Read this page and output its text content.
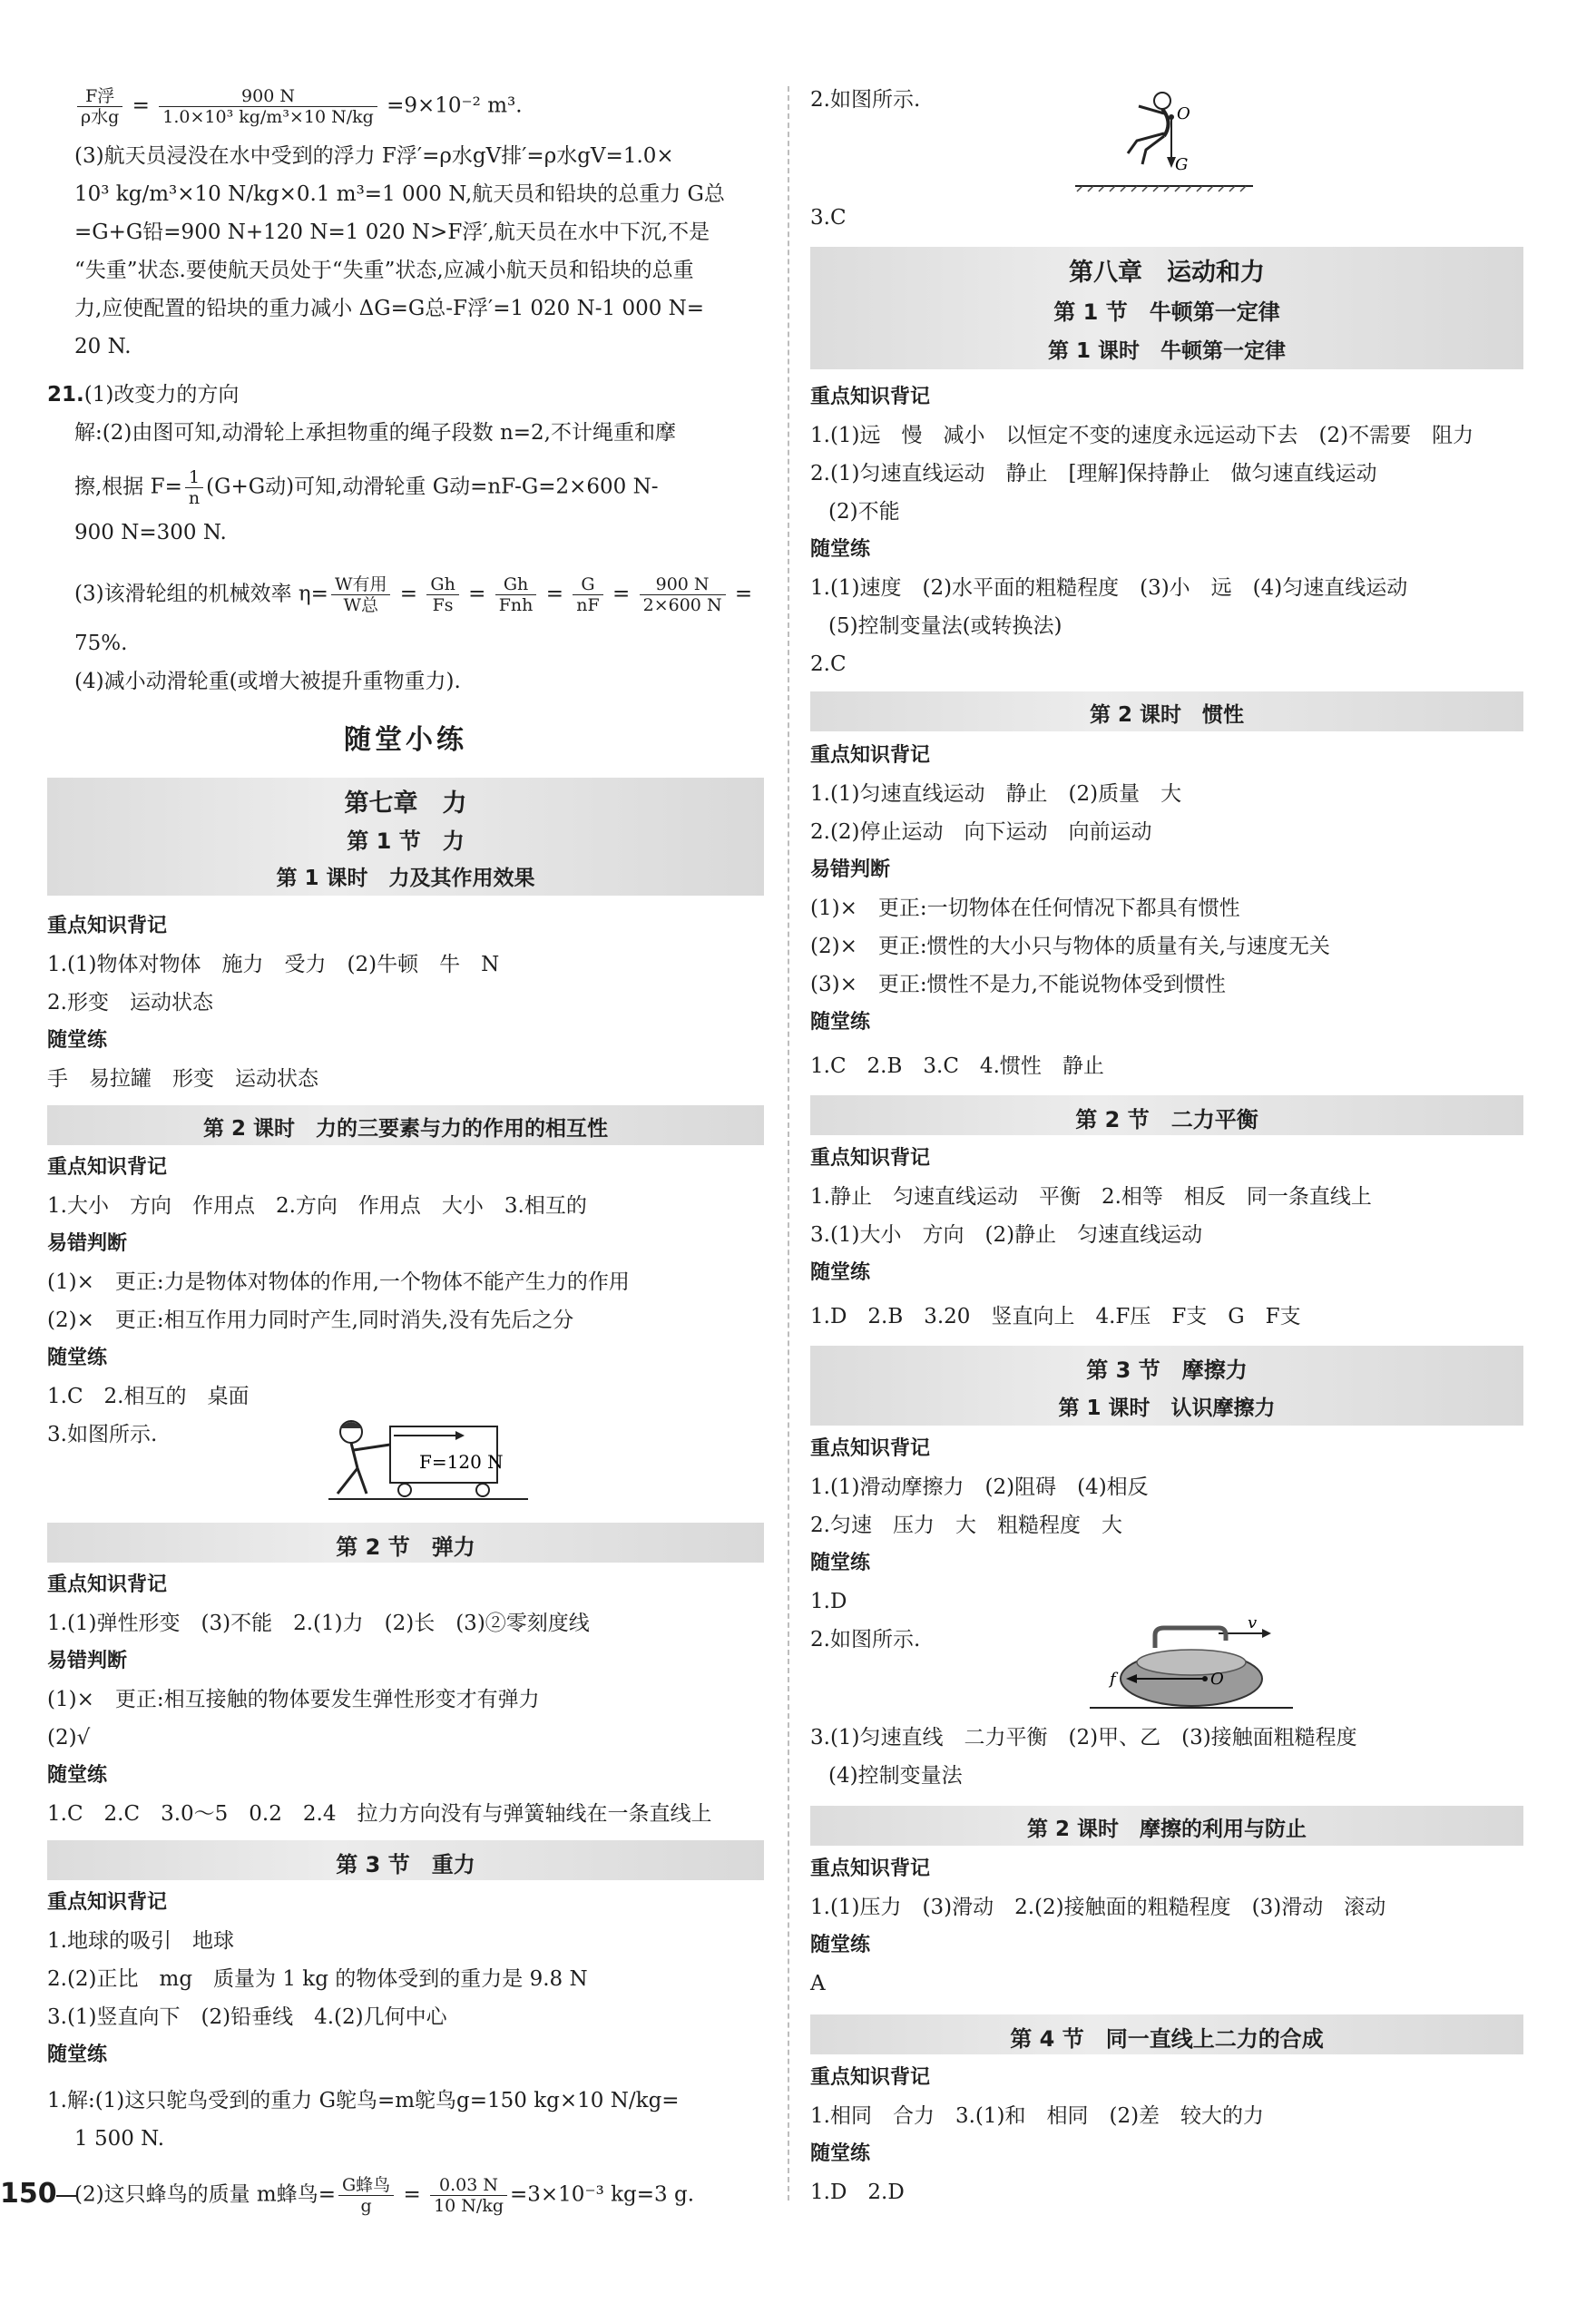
$\frac{\text{F浮}}{\text{ρ水g}} = \frac{900 N}{\text{1.0×10³ kg/m³×10 N/kg}} =9\times 10^{-2}$ m³.
(3)航天员浸没在水中受到的浮力 F浮′=ρ水gV排′=ρ水gV=1.0×
10³ kg/m³×10 N/kg×0.1 m³=1 000 N,航天员和铅块的总重力 G总
=G+G铅=900 N+120 N=1 020 N>F浮′,航天员在水中下沉,不是
“失重”状态.要使航天员处于“失重”状态,应减小航天员和铅块的总重
力,应使配置的铅块的重力减小 ΔG=G总-F浮′=1 020 N-1 000 N=
20 N.
21.(1)改变力的方向
解:(2)由图可知,动滑轮上承担物重的绳子段数 n=2,不计绳重和摩
擦,根据 $F= \frac{1}{n} (G+G$动)可知,动滑轮重 G动=nF-G=2×600 N-
900 N=300 N.
(3)该滑轮组的机械效率 $\eta= \frac{\text{W有用}}{\text{W总}} = \frac{Gh}{Fs} = \frac{Gh}{\text{Fnh}} = \frac{G}{nF} = \frac{900 N}{2\times 600 N}$ =
75%.
(4)减小动滑轮重(或增大被提升重物重力).
随堂小练
第七章　力
第 1 节　力
第 1 课时　力及其作用效果
重点知识背记
1.(1)物体对物体　施力　受力　(2)牛顿　牛　N
2.形变　运动状态
随堂练
手　易拉罐　形变　运动状态
第 2 课时　力的三要素与力的作用的相互性
重点知识背记
1.大小　方向　作用点　2.方向　作用点　大小　3.相互的
易错判断
(1)×　更正:力是物体对物体的作用,一个物体不能产生力的作用
(2)×　更正:相互作用力同时产生,同时消失,没有先后之分
随堂练
1.C　2.相互的　桌面
3.如图所示.
F=120 N
第 2 节　弹力
重点知识背记
1.(1)弹性形变　(3)不能　2.(1)力　(2)长　(3)②零刻度线
易错判断
(1)×　更正:相互接触的物体要发生弹性形变才有弹力
(2)√
随堂练
1.C　2.C　3.0～5　0.2　2.4　拉力方向没有与弹簧轴线在一条直线上
第 3 节　重力
重点知识背记
1.地球的吸引　地球
2.(2)正比　mg　质量为 1 kg 的物体受到的重力是 9.8 N
3.(1)竖直向下　(2)铅垂线　4.(2)几何中心
随堂练
1.解:(1)这只鸵鸟受到的重力 G鸵鸟=m鸵鸟g=150 kg×10 N/kg=
1 500 N.
(2)这只蜂鸟的质量 m蜂鸟= $\frac{\text{G蜂鸟}}{g} = \frac{0.03 N}{10 N/kg} =3\times 10^{-3}$ kg=3 g.
2.如图所示.
O
G
3.C
第八章　运动和力
第 1 节　牛顿第一定律
第 1 课时　牛顿第一定律
重点知识背记
1.(1)远　慢　减小　以恒定不变的速度永远运动下去　(2)不需要　阻力
2.(1)匀速直线运动　静止　[理解]保持静止　做匀速直线运动
(2)不能
随堂练
1.(1)速度　(2)水平面的粗糙程度　(3)小　远　(4)匀速直线运动
(5)控制变量法(或转换法)
2.C
第 2 课时　惯性
重点知识背记
1.(1)匀速直线运动　静止　(2)质量　大
2.(2)停止运动　向下运动　向前运动
易错判断
(1)×　更正:一切物体在任何情况下都具有惯性
(2)×　更正:惯性的大小只与物体的质量有关,与速度无关
(3)×　更正:惯性不是力,不能说物体受到惯性
随堂练
1.C　2.B　3.C　4.惯性　静止
第 2 节　二力平衡
重点知识背记
1.静止　匀速直线运动　平衡　2.相等　相反　同一条直线上
3.(1)大小　方向　(2)静止　匀速直线运动
随堂练
1.D　2.B　3.20　竖直向上　4.F压　F支　G　F支
第 3 节　摩擦力
第 1 课时　认识摩擦力
重点知识背记
1.(1)滑动摩擦力　(2)阻碍　(4)相反
2.匀速　压力　大　粗糙程度　大
随堂练
1.D
2.如图所示.
v
f	O
3.(1)匀速直线　二力平衡　(2)甲、乙　(3)接触面粗糙程度
(4)控制变量法
第 2 课时　摩擦的利用与防止
重点知识背记
1.(1)压力　(3)滑动　2.(2)接触面的粗糙程度　(3)滑动　滚动
随堂练
A
第 4 节　同一直线上二力的合成
重点知识背记
1.相同　合力　3.(1)和　相同　(2)差　较大的力
随堂练
1.D　2.D
150
